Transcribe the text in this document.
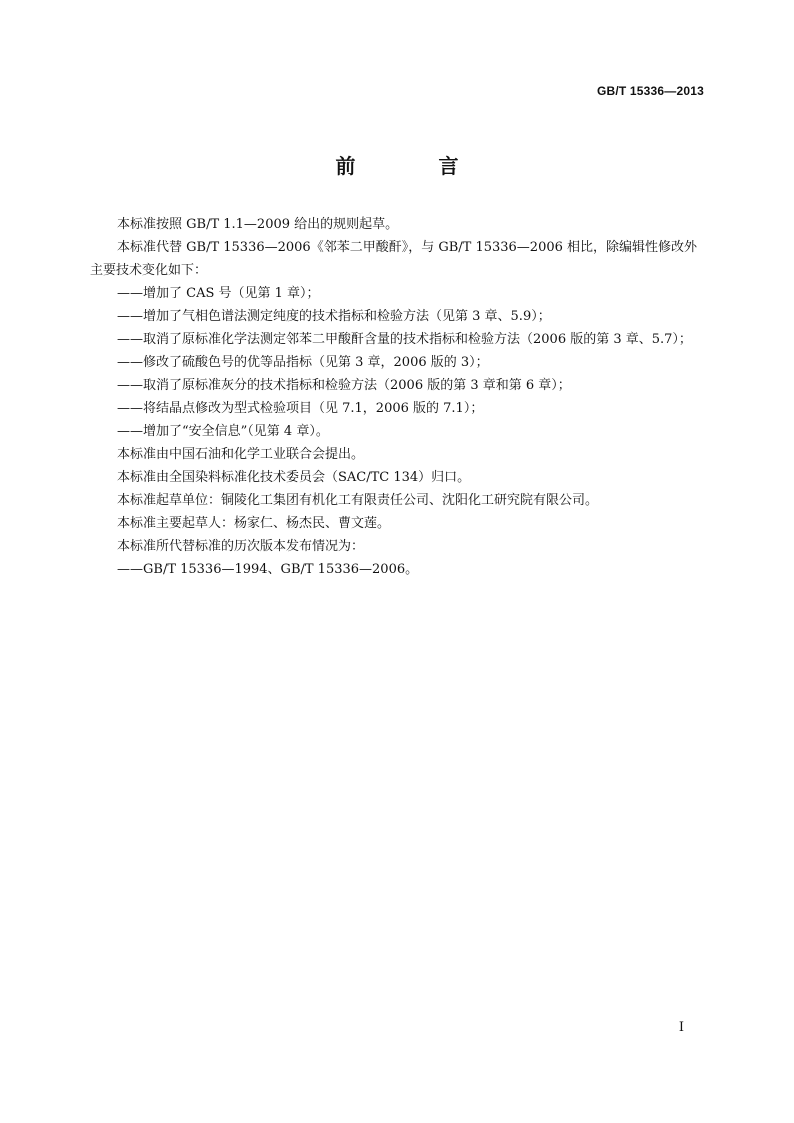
GB/T 15336—2013
前 言

本标准按照 GB/T 1.1—2009 给出的规则起草。

本标准代替 GB/T 15336—2006《邻苯二甲酸酐》，与 GB/T 15336—2006 相比，除编辑性修改外主要技术变化如下：

——增加了 CAS 号（见第 1 章）；

——增加了气相色谱法测定纯度的技术指标和检验方法（见第 3 章、5.9）；

——取消了原标准化学法测定邻苯二甲酸酐含量的技术指标和检验方法（2006 版的第 3 章、5.7）；

——修改了硫酸色号的优等品指标（见第 3 章，2006 版的 3）；

——取消了原标准灰分的技术指标和检验方法（2006 版的第 3 章和第 6 章）；

——将结晶点修改为型式检验项目（见 7.1，2006 版的 7.1）；

——增加了“安全信息”（见第 4 章）。

本标准由中国石油和化学工业联合会提出。

本标准由全国染料标准化技术委员会（SAC/TC 134）归口。

本标准起草单位：铜陵化工集团有机化工有限责任公司、沈阳化工研究院有限公司。

本标准主要起草人：杨家仁、杨杰民、曹文莲。

本标准所代替标准的历次版本发布情况为：

——GB/T 15336—1994、GB/T 15336—2006。

I
